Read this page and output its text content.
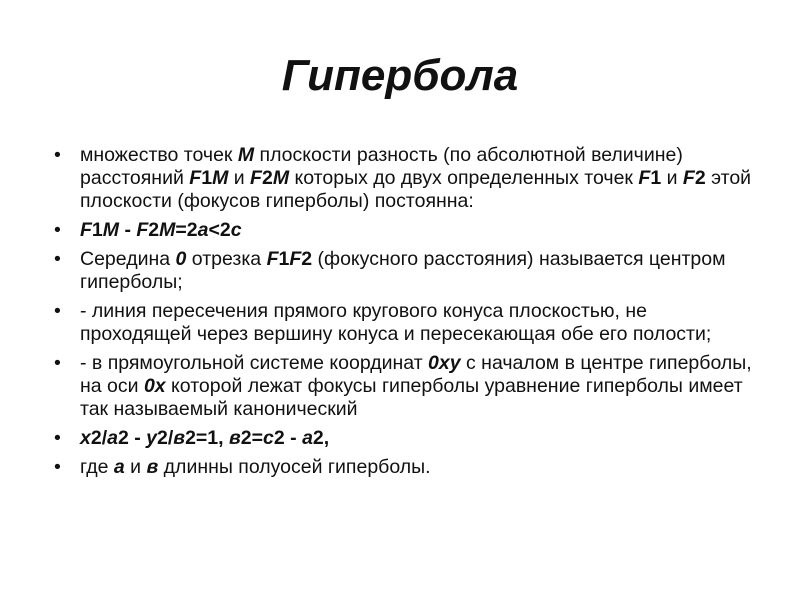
Гипербола
• множество точек М плоскости разность (по абсолютной величине) расстояний F1M и F2M которых до двух определенных точек F1 и F2 этой плоскости (фокусов гиперболы) постоянна:
• F1M - F2M=2a<2c
• Середина 0 отрезка F1F2 (фокусного расстояния) называется центром гиперболы;
• - линия пересечения прямого кругового конуса плоскостью, не проходящей через вершину конуса и пересекающая обе его полости;
• - в прямоугольной системе координат 0xy с началом в центре гиперболы, на оси 0x которой лежат фокусы гиперболы уравнение гиперболы имеет так называемый канонический
• x2/a2 - y2/в2=1, в2=c2 - a2,
• где a и в длинны полуосей гиперболы.
